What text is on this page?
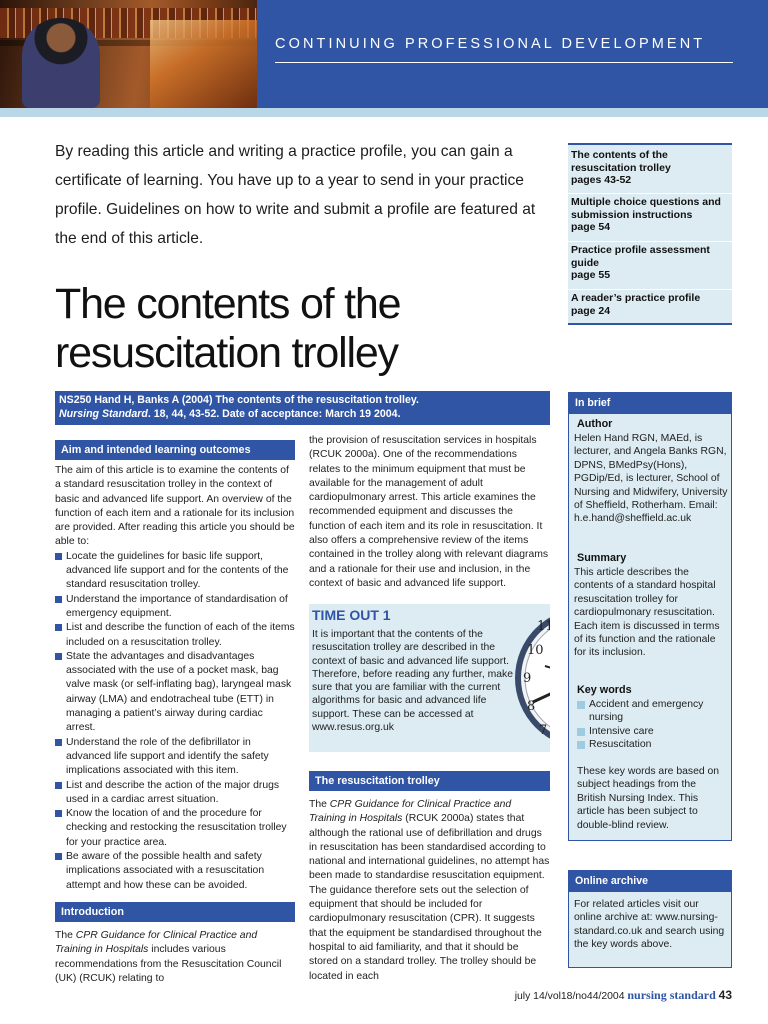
CONTINUING PROFESSIONAL DEVELOPMENT
By reading this article and writing a practice profile, you can gain a certificate of learning. You have up to a year to send in your practice profile. Guidelines on how to write and submit a profile are featured at the end of this article.
The contents of the
resuscitation trolley
The contents of the resuscitation trolley
pages 43-52
Multiple choice questions and submission instructions
page 54
Practice profile assessment guide
page 55
A reader’s practice profile
page 24
NS250 Hand H, Banks A (2004) The contents of the resuscitation trolley.
Nursing Standard. 18, 44, 43-52. Date of acceptance: March 19 2004.
Aim and intended learning outcomes

The aim of this article is to examine the contents of a standard resuscitation trolley in the context of basic and advanced life support. An overview of the function of each item and a rationale for its inclusion are provided. After reading this article you should be able to:

Locate the guidelines for basic life support, advanced life support and for the contents of the standard resuscitation trolley.
Understand the importance of standardisation of emergency equipment.
List and describe the function of each of the items included on a resuscitation trolley.
State the advantages and disadvantages associated with the use of a pocket mask, bag valve mask (or self-inflating bag), laryngeal mask airway (LMA) and endotracheal tube (ETT) in managing a patient’s airway during cardiac arrest.
Understand the role of the defibrillator in advanced life support and identify the safety implications associated with this item.
List and describe the action of the major drugs used in a cardiac arrest situation.
Know the location of and the procedure for checking and restocking the resuscitation trolley for your practice area.
Be aware of the possible health and safety implications associated with a resuscitation attempt and how these can be avoided.
Introduction
The CPR Guidance for Clinical Practice and Training in Hospitals includes various recommendations from the Resuscitation Council (UK) (RCUK) relating to
the provision of resuscitation services in hospitals (RCUK 2000a). One of the recommendations relates to the minimum equipment that must be available for the management of adult cardiopulmonary arrest. This article examines the recommended equipment and discusses the function of each item and its role in resuscitation. It also offers a comprehensive review of the items contained in the trolley along with relevant diagrams and a rationale for their use and inclusion, in the context of basic and advanced life support.
TIME OUT 1
It is important that the contents of the resuscitation trolley are described in the context of basic and advanced life support. Therefore, before reading any further, make sure that you are familiar with the current algorithms for basic and advanced life support. These can be accessed at www.resus.org.uk
11
10
9
8
7
The resuscitation trolley
The CPR Guidance for Clinical Practice and Training in Hospitals (RCUK 2000a) states that although the rational use of defibrillation and drugs in resuscitation has been standardised according to national and international guidelines, no attempt has been made to standardise resuscitation equipment. The guidance therefore sets out the selection of equipment that should be included for cardiopulmonary resuscitation (CPR). It suggests that the equipment be standardised throughout the hospital to aid familiarity, and that it should be stored on a standard trolley. The trolley should be located in each
In brief
Author
Helen Hand RGN, MAEd, is lecturer, and Angela Banks RGN, DPNS, BMedPsy(Hons), PGDip/Ed, is lecturer, School of Nursing and Midwifery, University of Sheffield, Rotherham. Email: h.e.hand@sheffield.ac.uk
Summary
This article describes the contents of a standard hospital resuscitation trolley for cardiopulmonary resuscitation. Each item is discussed in terms of its function and the rationale for its inclusion.
Key words
Accident and emergency nursing
Intensive care
Resuscitation
These key words are based on subject headings from the British Nursing Index. This article has been subject to double-blind review.
Online archive
For related articles visit our online archive at: www.nursing-standard.co.uk and search using the key words above.
july 14/vol18/no44/2004 nursing standard 43
